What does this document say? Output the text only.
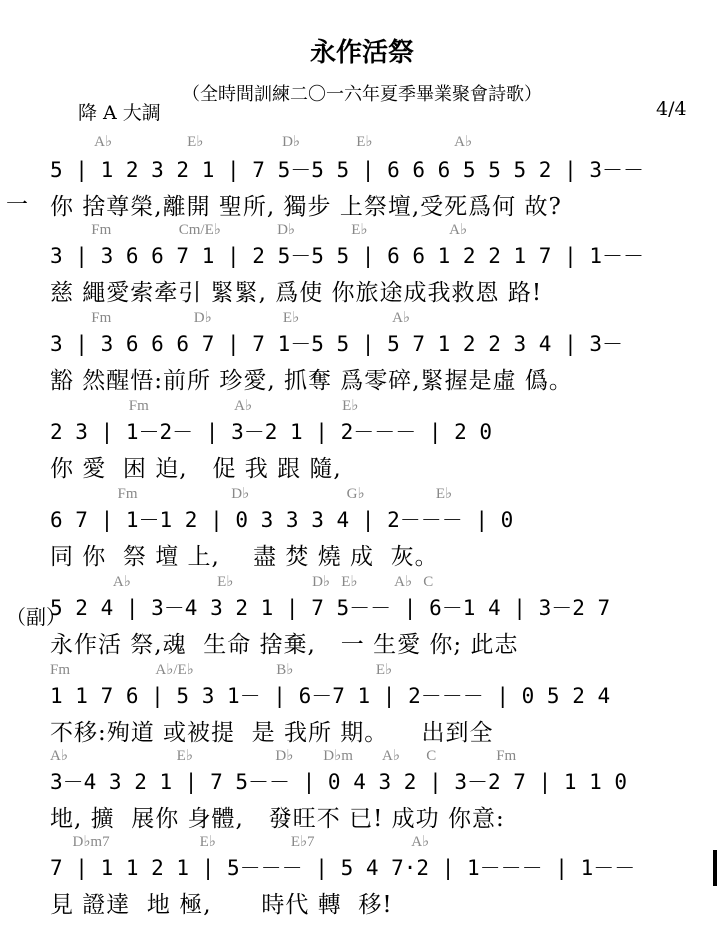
永作活祭
（全時間訓練二〇一六年夏季畢業聚會詩歌）
降 A 大調	4/4
A♭                    E♭                     D♭               E♭                      A♭
5 | 1 2 3 2 1 | 7 5－5 5 | 6 6 6 5 5 5 2 | 3－－
一 你 捨尊榮,離開 聖所, 獨步 上祭壇,受死爲何 故?
Fm                  Cm/E♭               D♭               E♭                      A♭
3 | 3 6 6 7 1 | 2 5－5 5 | 6 6 1 2 2 1 7 | 1－－
慈 繩愛索牽引 緊緊, 爲使 你旅途成我救恩 路!
Fm                      D♭                   E♭                         A♭
3 | 3 6 6 6 7 | 7 1－5 5 | 5 7 1 2 2 3 4 | 3－
豁 然醒悟:前所 珍愛, 抓奪 爲零碎,緊握是虛 僞。
Fm                       A♭                        E♭
2 3 | 1－2－ | 3－2 1 | 2－－－ | 2 0
你 愛  困 迫,   促 我 跟 隨,
Fm                         D♭                          G♭                   E♭
6 7 | 1－1 2 | 0 3 3 3 4 | 2－－－ | 0
同 你  祭 壇 上,    盡 焚 燒 成  灰。
（副）
A♭                       E♭                     D♭   E♭          A♭   C
5 2 4 | 3－4 3 2 1 | 7 5－－ | 6－1 4 | 3－2 7
永作活 祭,魂  生命 捨棄,   一 生愛 你; 此志
Fm                       A♭/E♭                      B♭                      E♭
1 1 7 6 | 5 3 1－ | 6－7 1 | 2－－－ | 0 5 2 4
不移:殉道 或被提  是 我所 期。    出到全
A♭                             E♭                      D♭        D♭m        A♭       C                Fm
3－4 3 2 1 | 7 5－－ | 0 4 3 2 | 3－2 7 | 1 1 0
地, 擴  展你 身體,   發旺不 已! 成功 你意:
D♭m7                        E♭                    E♭7                          A♭
7 | 1 1 2 1 | 5－－－ | 5 4 7·2 | 1－－－ | 1－－
見 證達  地 極,      時代 轉  移!
